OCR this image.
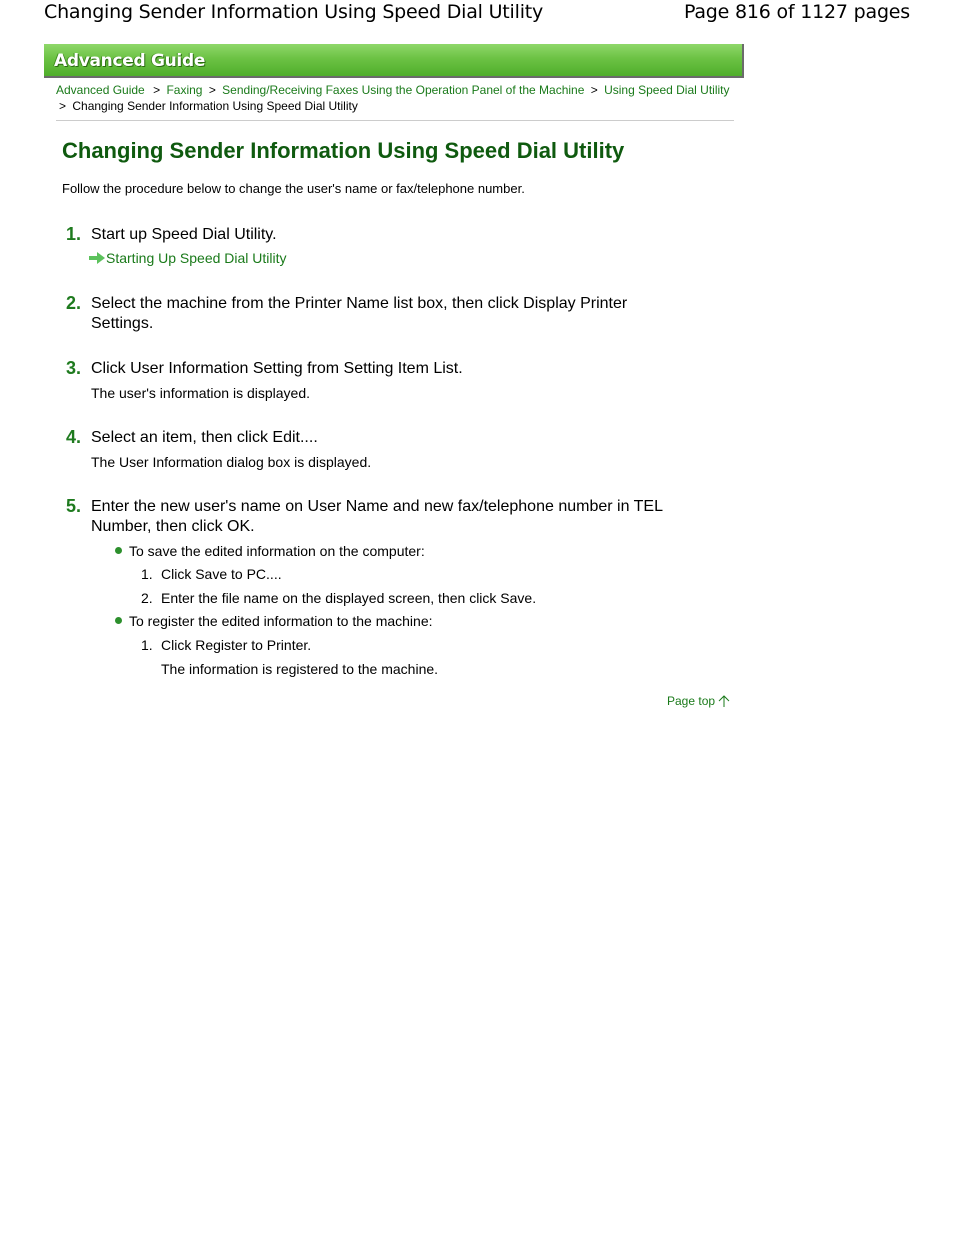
Changing Sender Information Using Speed Dial Utility	Page 816 of 1127 pages
Advanced Guide
Advanced Guide > Faxing > Sending/Receiving Faxes Using the Operation Panel of the Machine > Using Speed Dial Utility > Changing Sender Information Using Speed Dial Utility
Changing Sender Information Using Speed Dial Utility
Follow the procedure below to change the user's name or fax/telephone number.
1. Start up Speed Dial Utility.
Starting Up Speed Dial Utility
2. Select the machine from the Printer Name list box, then click Display Printer Settings.
3. Click User Information Setting from Setting Item List.
The user's information is displayed.
4. Select an item, then click Edit....
The User Information dialog box is displayed.
5. Enter the new user's name on User Name and new fax/telephone number in TEL Number, then click OK.
To save the edited information on the computer:
1. Click Save to PC....
2. Enter the file name on the displayed screen, then click Save.
To register the edited information to the machine:
1. Click Register to Printer.
The information is registered to the machine.
Page top
